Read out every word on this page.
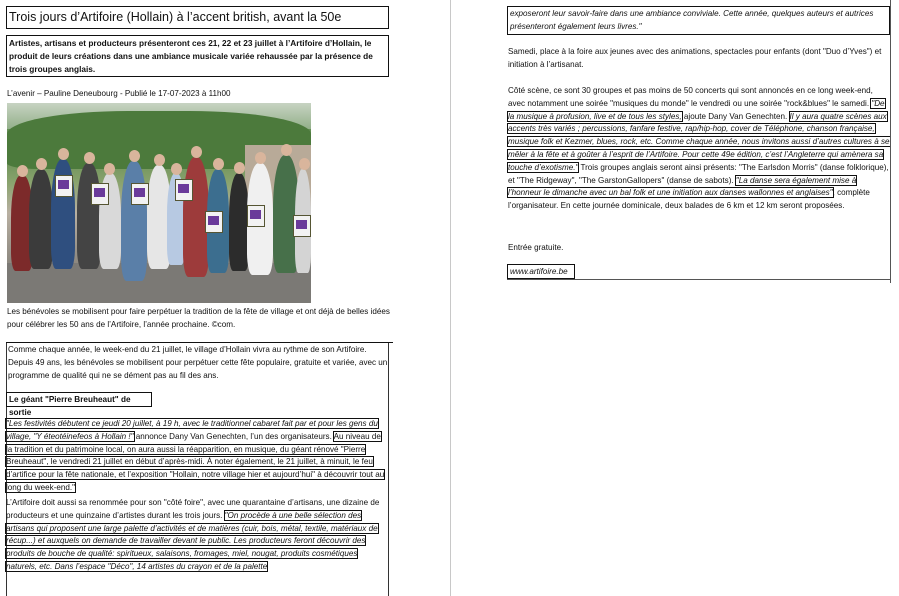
Trois jours d’Artifoire (Hollain) à l’accent british, avant la 50e
Artistes, artisans et producteurs présenteront ces 21, 22 et 23 juillet à l’Artifoire d’Hollain, le produit de leurs créations dans une ambiance musicale variée rehaussée par la présence de trois groupes anglais.
L’avenir – Pauline Deneubourg - Publié le 17-07-2023 à 11h00
Les bénévoles se mobilisent pour faire perpétuer la tradition de la fête de village et ont déjà de belles idées pour célébrer les 50 ans de l’Artifoire, l’année prochaine. ©com.
Comme chaque année, le week-end du 21 juillet, le village d’Hollain vivra au rythme de son Artifoire. Depuis 49 ans, les bénévoles se mobilisent pour perpétuer cette fête populaire, gratuite et variée, avec un programme de qualité qui ne se dément pas au fil des ans.
Le géant "Pierre Breuheaut" de sortie
"Les festivités débutent ce jeudi 20 juillet, à 19 h, avec le traditionnel cabaret fait par et pour les gens du village, "Y éteotéinefeos à Hollain !" annonce Dany Van Genechten, l’un des organisateurs. Au niveau de la tradition et du patrimoine local, on aura aussi la réapparition, en musique, du géant rénové "Pierre Breuheaut", le vendredi 21 juillet en début d’après-midi. À noter également, le 21 juillet, à minuit, le feu d’artifice pour la fête nationale, et l’exposition "Hollain, notre village hier et aujourd’hui" à découvrir tout au long du week-end."
L’Artifoire doit aussi sa renommée pour son "côté foire", avec une quarantaine d’artisans, une dizaine de producteurs et une quinzaine d’artistes durant les trois jours. "On procède à une belle sélection des artisans qui proposent une large palette d’activités et de matières (cuir, bois, métal, textile, matériaux de récup...) et auxquels on demande de travailler devant le public. Les producteurs feront découvrir des produits de bouche de qualité: spiritueux, salaisons, fromages, miel, nougat, produits cosmétiques naturels, etc. Dans l’espace "Déco", 14 artistes du crayon et de la palette
exposeront leur savoir-faire dans une ambiance conviviale. Cette année, quelques auteurs et autrices présenteront également leurs livres."
Samedi, place à la foire aux jeunes avec des animations, spectacles pour enfants (dont "Duo d’Yves") et initiation à l’artisanat.
Côté scène, ce sont 30 groupes et pas moins de 50 concerts qui sont annoncés en ce long week-end, avec notamment une soirée "musiques du monde" le vendredi ou une soirée "rock&blues" le samedi. "De la musique à profusion, live et de tous les styles, ajoute Dany Van Genechten. Il y aura quatre scènes aux accents très variés ; percussions, fanfare festive, rap/hip-hop, cover de Téléphone, chanson française, musique folk et Kezmer, blues, rock, etc. Comme chaque année, nous invitons aussi d’autres cultures à se mêler à la fête et à goûter à l’esprit de l’Artifoire. Pour cette 49e édition, c’est l’Angleterre qui amènera sa touche d’exotisme." Trois groupes anglais seront ainsi présents: "The Earlsdon Morris" (danse folklorique), et "The Ridgeway", "The GarstonGallopers" (danse de sabots). "La danse sera également mise à l’honneur le dimanche avec un bal folk et une initiation aux danses wallonnes et anglaises", complète l’organisateur. En cette journée dominicale, deux balades de 6 km et 12 km seront proposées.
Entrée gratuite.
www.artifoire.be
